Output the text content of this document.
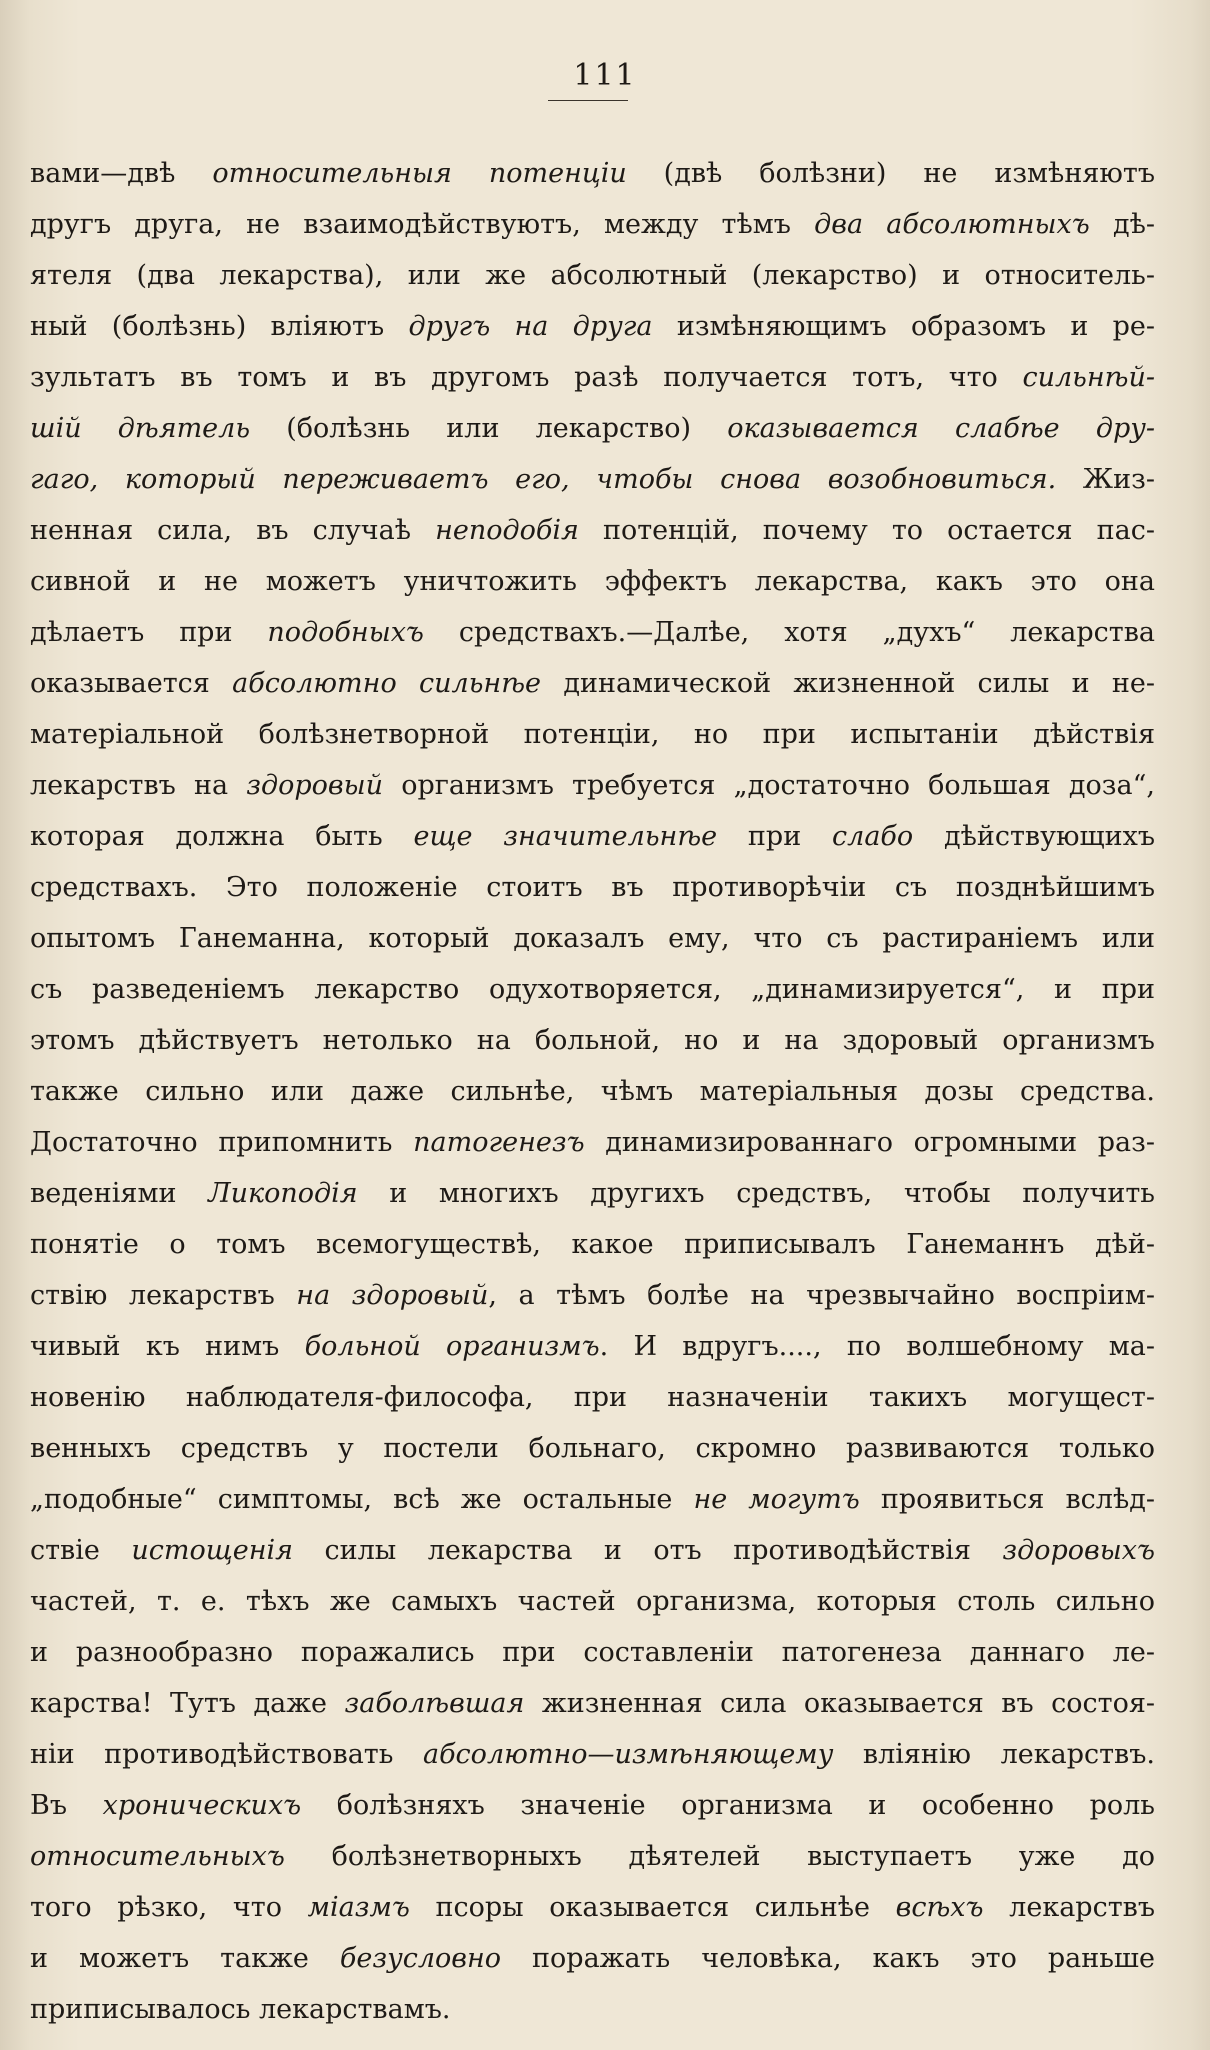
111
вами—двѣ относительныя потенціи (двѣ болѣзни) не измѣняютъ
другъ друга, не взаимодѣйствуютъ, между тѣмъ два абсолютныхъ дѣ-
ятеля (два лекарства), или же абсолютный (лекарство) и относитель-
ный (болѣзнь) вліяютъ другъ на друга измѣняющимъ образомъ и ре-
зультатъ въ томъ и въ другомъ разѣ получается тотъ, что сильнѣй-
шій дѣятель (болѣзнь или лекарство) оказывается слабѣе дру-
гаго, который переживаетъ его, чтобы снова возобновиться. Жиз-
ненная сила, въ случаѣ неподобія потенцій, почему то остается пас-
сивной и не можетъ уничтожить эффектъ лекарства, какъ это она
дѣлаетъ при подобныхъ средствахъ.—Далѣе, хотя „духъ“ лекарства
оказывается абсолютно сильнѣе динамической жизненной силы и не-
матеріальной болѣзнетворной потенціи, но при испытаніи дѣйствія
лекарствъ на здоровый организмъ требуется „достаточно большая доза“,
которая должна быть еще значительнѣе при слабо дѣйствующихъ
средствахъ. Это положеніе стоитъ въ противорѣчіи съ позднѣйшимъ
опытомъ Ганеманна, который доказалъ ему, что съ растираніемъ или
съ разведеніемъ лекарство одухотворяется, „динамизируется“, и при
этомъ дѣйствуетъ нетолько на больной, но и на здоровый организмъ
также сильно или даже сильнѣе, чѣмъ матеріальныя дозы средства.
Достаточно припомнить патогенезъ динамизированнаго огромными раз-
веденіями Ликоподія и многихъ другихъ средствъ, чтобы получить
понятіе о томъ всемогуществѣ, какое приписывалъ Ганеманнъ дѣй-
ствію лекарствъ на здоровый, а тѣмъ болѣе на чрезвычайно воспріим-
чивый къ нимъ больной организмъ. И вдругъ...., по волшебному ма-
новенію наблюдателя-философа, при назначеніи такихъ могущест-
венныхъ средствъ у постели больнаго, скромно развиваются только
„подобные“ симптомы, всѣ же остальные не могутъ проявиться вслѣд-
ствіе истощенія силы лекарства и отъ противодѣйствія здоровыхъ
частей, т. е. тѣхъ же самыхъ частей организма, которыя столь сильно
и разнообразно поражались при составленіи патогенеза даннаго ле-
карства! Тутъ даже заболѣвшая жизненная сила оказывается въ состоя-
ніи противодѣйствовать абсолютно—измѣняющему вліянію лекарствъ.
Въ хроническихъ болѣзняхъ значеніе организма и особенно роль
относительныхъ болѣзнетворныхъ дѣятелей выступаетъ уже до
того рѣзко, что міазмъ псоры оказывается сильнѣе всѣхъ лекарствъ
и можетъ также безусловно поражать человѣка, какъ это раньше
приписывалось лекарствамъ.
